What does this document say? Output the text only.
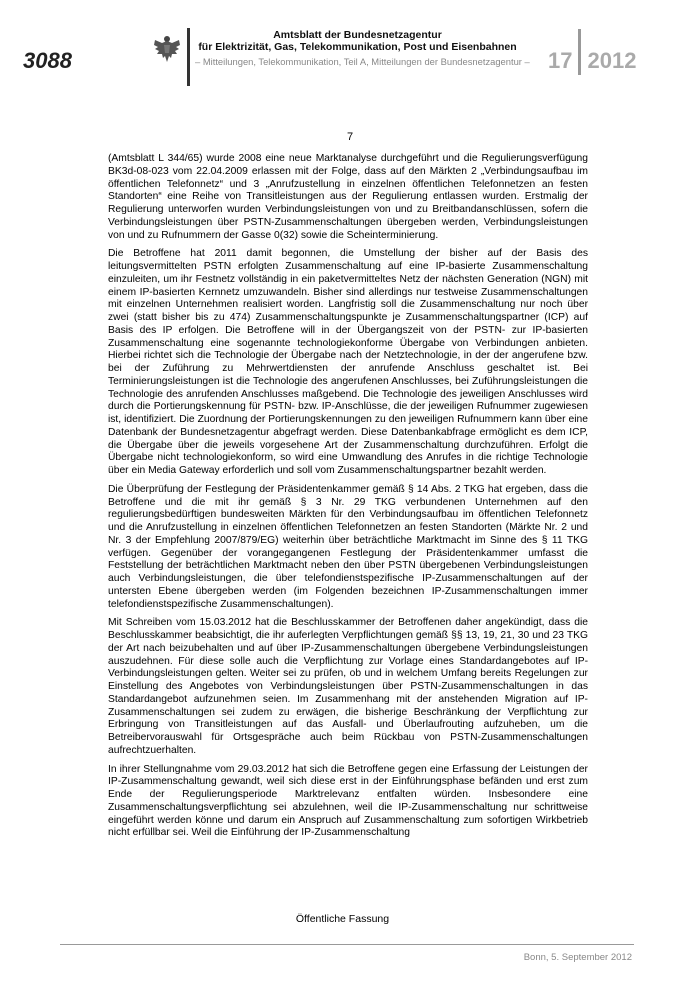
3088
Amtsblatt der Bundesnetzagentur
für Elektrizität, Gas, Telekommunikation, Post und Eisenbahnen
– Mitteilungen, Telekommunikation, Teil A, Mitteilungen der Bundesnetzagentur – 17 2012
7

(Amtsblatt L 344/65) wurde 2008 eine neue Marktanalyse durchgeführt und die Regulierungsverfügung BK3d-08-023 vom 22.04.2009 erlassen mit der Folge, dass auf den Märkten 2 „Verbindungsaufbau im öffentlichen Telefonnetz“ und 3 „Anrufzustellung in einzelnen öffentlichen Telefonnetzen an festen Standorten“ eine Reihe von Transitleistungen aus der Regulierung entlassen wurden. Erstmalig der Regulierung unterworfen wurden Verbindungsleistungen von und zu Breitbandanschlüssen, sofern die Verbindungsleistungen über PSTN-Zusammenschaltungen übergeben werden, Verbindungsleistungen von und zu Rufnummern der Gasse 0(32) sowie die Scheinterminierung.

Die Betroffene hat 2011 damit begonnen, die Umstellung der bisher auf der Basis des leitungsvermittelten PSTN erfolgten Zusammenschaltung auf eine IP-basierte Zusammenschaltung einzuleiten, um ihr Festnetz vollständig in ein paketvermitteltes Netz der nächsten Generation (NGN) mit einem IP-basierten Kernnetz umzuwandeln. Bisher sind allerdings nur testweise Zusammenschaltungen mit einzelnen Unternehmen realisiert worden. Langfristig soll die Zusammenschaltung nur noch über zwei (statt bisher bis zu 474) Zusammenschaltungspunkte je Zusammenschaltungspartner (ICP) auf Basis des IP erfolgen. Die Betroffene will in der Übergangszeit von der PSTN- zur IP-basierten Zusammenschaltung eine sogenannte technologiekonforme Übergabe von Verbindungen anbieten. Hierbei richtet sich die Technologie der Übergabe nach der Netztechnologie, in der der angerufene bzw. bei der Zuführung zu Mehrwertdiensten der anrufende Anschluss geschaltet ist. Bei Terminierungsleistungen ist die Technologie des angerufenen Anschlusses, bei Zuführungsleistungen die Technologie des anrufenden Anschlusses maßgebend. Die Technologie des jeweiligen Anschlusses wird durch die Portierungskennung für PSTN- bzw. IP-Anschlüsse, die der jeweiligen Rufnummer zugewiesen ist, identifiziert. Die Zuordnung der Portierungskennungen zu den jeweiligen Rufnummern kann über eine Datenbank der Bundesnetzagentur abgefragt werden. Diese Datenbankabfrage ermöglicht es dem ICP, die Übergabe über die jeweils vorgesehene Art der Zusammenschaltung durchzuführen. Erfolgt die Übergabe nicht technologiekonform, so wird eine Umwandlung des Anrufes in die richtige Technologie über ein Media Gateway erforderlich und soll vom Zusammenschaltungspartner bezahlt werden.

Die Überprüfung der Festlegung der Präsidentenkammer gemäß § 14 Abs. 2 TKG hat ergeben, dass die Betroffene und die mit ihr gemäß § 3 Nr. 29 TKG verbundenen Unternehmen auf den regulierungsbedürftigen bundesweiten Märkten für den Verbindungsaufbau im öffentlichen Telefonnetz und die Anrufzustellung in einzelnen öffentlichen Telefonnetzen an festen Standorten (Märkte Nr. 2 und Nr. 3 der Empfehlung 2007/879/EG) weiterhin über beträchtliche Marktmacht im Sinne des § 11 TKG verfügen. Gegenüber der vorangegangenen Festlegung der Präsidentenkammer umfasst die Feststellung der beträchtlichen Marktmacht neben den über PSTN übergebenen Verbindungsleistungen auch Verbindungsleistungen, die über telefondienstspezifische IP-Zusammenschaltungen auf der untersten Ebene übergeben werden (im Folgenden bezeichnen IP-Zusammenschaltungen immer telefondienstspezifische Zusammenschaltungen).

Mit Schreiben vom 15.03.2012 hat die Beschlusskammer der Betroffenen daher angekündigt, dass die Beschlusskammer beabsichtigt, die ihr auferlegten Verpflichtungen gemäß §§ 13, 19, 21, 30 und 23 TKG der Art nach beizubehalten und auf über IP-Zusammenschaltungen übergebene Verbindungsleistungen auszudehnen. Für diese solle auch die Verpflichtung zur Vorlage eines Standardangebotes auf IP-Verbindungsleistungen gelten. Weiter sei zu prüfen, ob und in welchem Umfang bereits Regelungen zur Einstellung des Angebotes von Verbindungsleistungen über PSTN-Zusammenschaltungen in das Standardangebot aufzunehmen seien. Im Zusammenhang mit der anstehenden Migration auf IP-Zusammenschaltungen sei zudem zu erwägen, die bisherige Beschränkung der Verpflichtung zur Erbringung von Transitleistungen auf das Ausfall- und Überlaufrouting aufzuheben, um die Betreibervorauswahl für Ortsgespräche auch beim Rückbau von PSTN-Zusammenschaltungen aufrechtzuerhalten.

In ihrer Stellungnahme vom 29.03.2012 hat sich die Betroffene gegen eine Erfassung der Leistungen der IP-Zusammenschaltung gewandt, weil sich diese erst in der Einführungsphase befänden und erst zum Ende der Regulierungsperiode Marktrelevanz entfalten würden. Insbesondere eine Zusammenschaltungsverpflichtung sei abzulehnen, weil die IP-Zusammenschaltung nur schrittweise eingeführt werden könne und darum ein Anspruch auf Zusammenschaltung zum sofortigen Wirkbetrieb nicht erfüllbar sei. Weil die Einführung der IP-Zusammenschaltung

Öffentliche Fassung
Bonn, 5. September 2012
